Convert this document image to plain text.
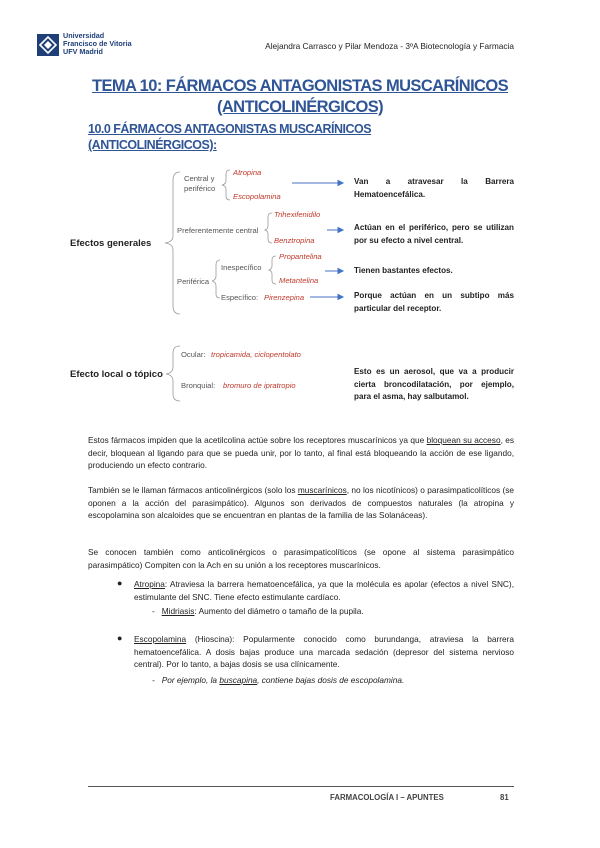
Universidad
Francisco de Vitoria
UFV Madrid
Alejandra Carrasco y Pilar Mendoza - 3ºA Biotecnología y Farmacia
TEMA 10: FÁRMACOS ANTAGONISTAS MUSCARÍNICOS
(ANTICOLINÉRGICOS)
10.0 FÁRMACOS ANTAGONISTAS MUSCARÍNICOS
(ANTICOLINÉRGICOS):
Efectos generales
Central y
periférico
Atropina
Escopolamina
Preferentemente central
Trihexifenidilo
Benztropina
Periférica
Inespecífico
Propantelina
Metantelina
Específico: Pirenzepina
Van a atravesar la Barrera Hematoencefálica.
Actúan en el periférico, pero se utilizan por su efecto a nivel central.
Tienen bastantes efectos.
Porque actúan en un subtipo más particular del receptor.
Efecto local o tópico
Ocular: tropicamida, ciclopentolato
Bronquial: bromuro de ipratropio
Esto es un aerosol, que va a producir cierta broncodilatación, por ejemplo, para el asma, hay salbutamol.
Estos fármacos impiden que la acetilcolina actúe sobre los receptores muscarínicos ya que bloquean su acceso, es decir, bloquean al ligando para que se pueda unir, por lo tanto, al final está bloqueando la acción de ese ligando, produciendo un efecto contrario.
También se le llaman fármacos anticolinérgicos (solo los muscarínicos, no los nicotínicos) o parasimpaticolíticos (se oponen a la acción del parasimpático). Algunos son derivados de compuestos naturales (la atropina y escopolamina son alcaloides que se encuentran en plantas de la familia de las Solanáceas).
Se conocen también como anticolinérgicos o parasimpaticolíticos (se opone al sistema parasimpático parasimpático) Compiten con la Ach en su unión a los receptores muscarínicos.
● Atropina: Atraviesa la barrera hematoencefálica, ya que la molécula es apolar (efectos a nivel SNC), estimulante del SNC. Tiene efecto estimulante cardíaco.
- Midriasis: Aumento del diámetro o tamaño de la pupila.
● Escopolamina (Hioscina): Popularmente conocido como burundanga, atraviesa la barrera hematoencefálica. A dosis bajas produce una marcada sedación (depresor del sistema nervioso central). Por lo tanto, a bajas dosis se usa clínicamente.
- Por ejemplo, la buscapina, contiene bajas dosis de escopolamina.
FARMACOLOGÍA I – APUNTES	81
